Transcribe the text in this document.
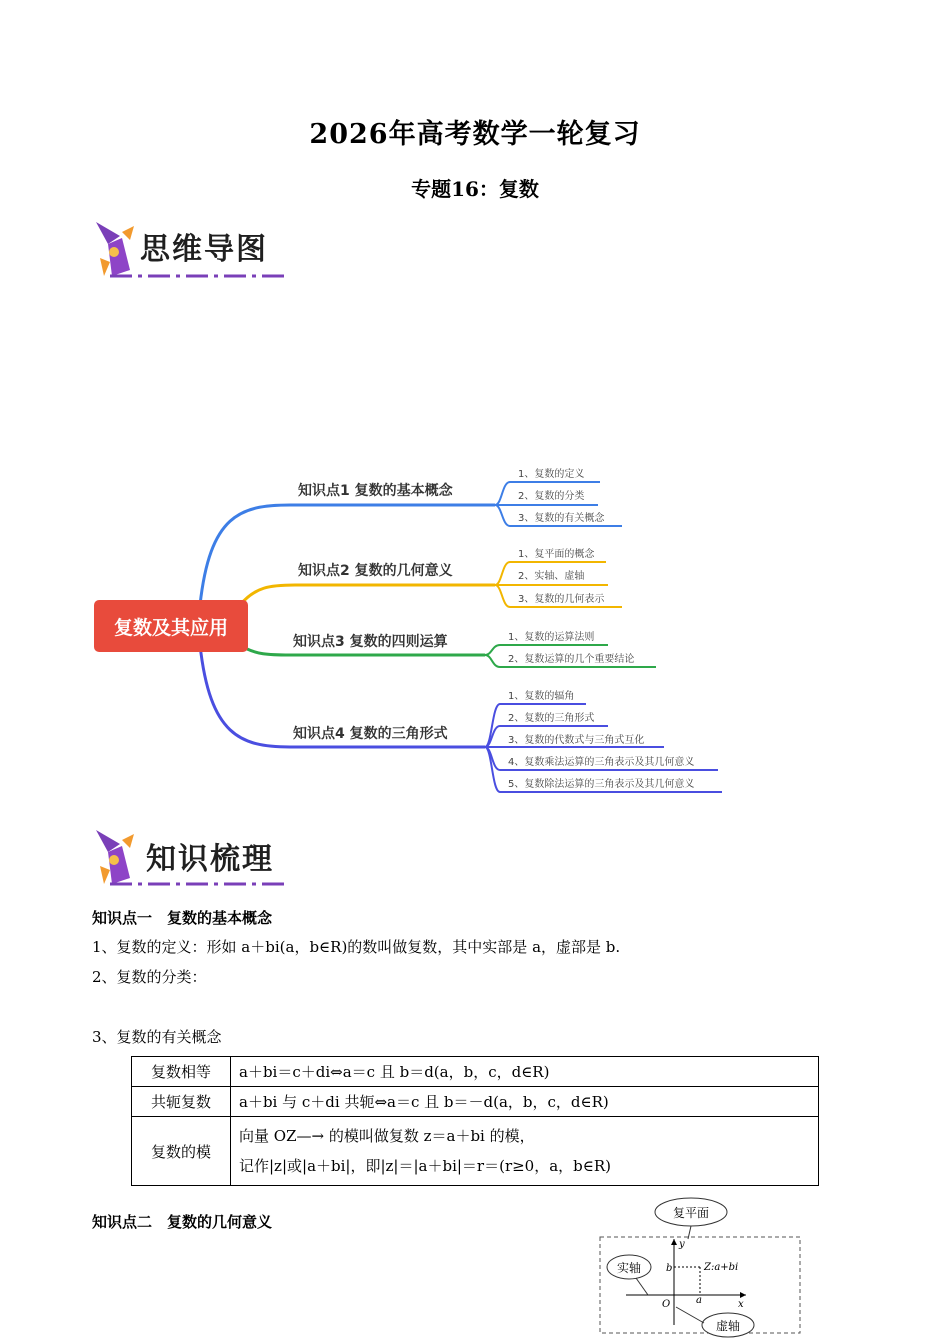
2026年高考数学一轮复习
专题16：复数
思维导图
复数及其应用
知识点1 复数的基本概念
知识点2 复数的几何意义
知识点3 复数的四则运算
知识点4 复数的三角形式
1、复数的定义
2、复数的分类
3、复数的有关概念
1、复平面的概念
2、实轴、虚轴
3、复数的几何表示
1、复数的运算法则
2、复数运算的几个重要结论
1、复数的辐角
2、复数的三角形式
3、复数的代数式与三角式互化
4、复数乘法运算的三角表示及其几何意义
5、复数除法运算的三角表示及其几何意义
知识梳理
知识点一　复数的基本概念
1、复数的定义：形如 a＋bi(a，b∈R)的数叫做复数，其中实部是 a，虚部是 b.
2、复数的分类：
3、复数的有关概念
复数相等	a＋bi＝c＋di⇔a＝c 且 b＝d(a，b，c，d∈R)
共轭复数	a＋bi 与 c＋di 共轭⇔a＝c 且 b＝－d(a，b，c，d∈R)
复数的模	向量 OZ—→ 的模叫做复数 z＝a＋bi 的模，
记作|z|或|a＋bi|，即|z|＝|a＋bi|＝r＝(r≥0，a，b∈R)
知识点二　复数的几何意义	复平面
y
x
O
b
a
Z:a+bi
实轴
虚轴
